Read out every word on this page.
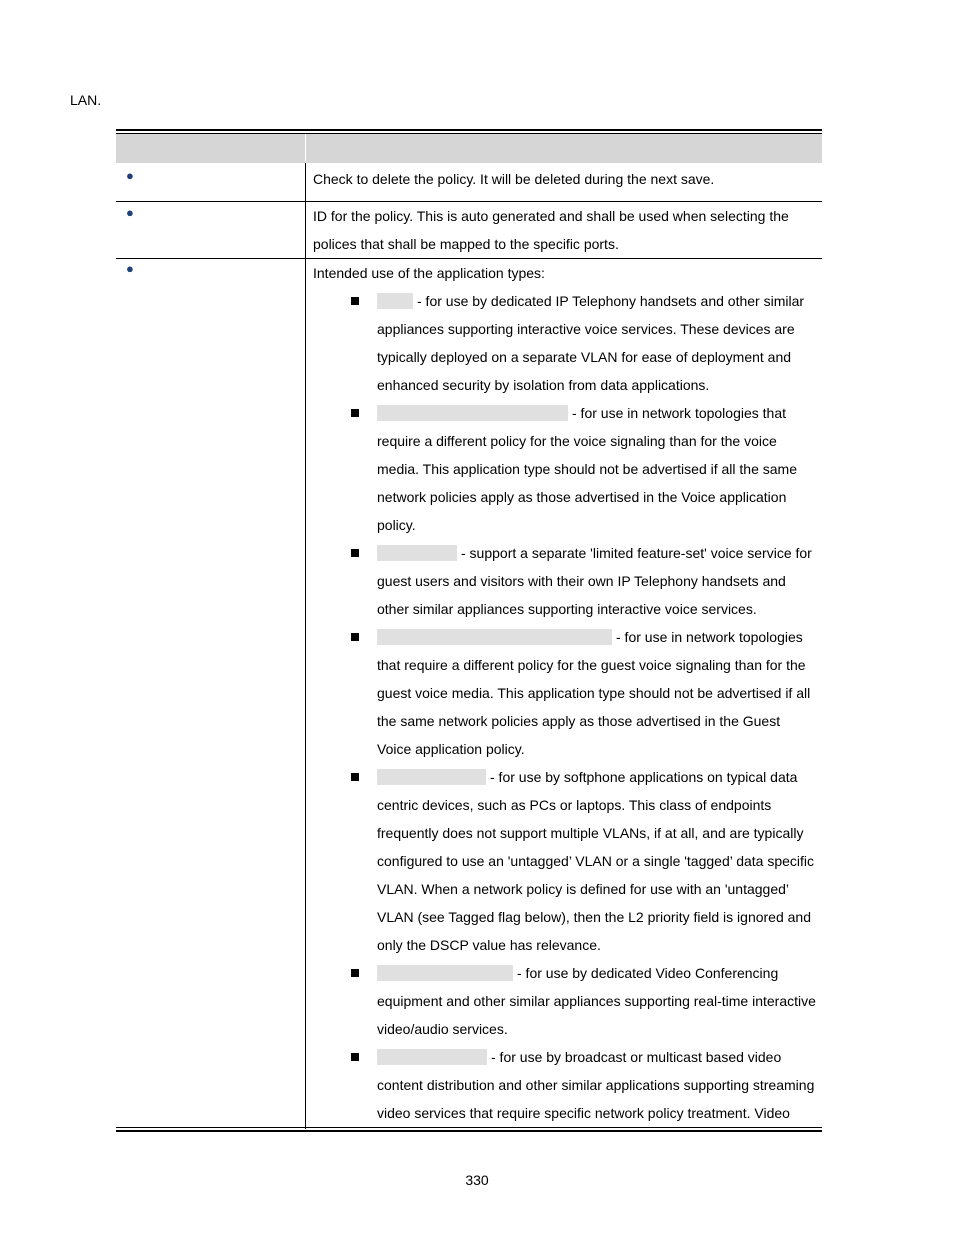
LAN.
●	Check to delete the policy. It will be deleted during the next save.
●	ID for the policy. This is auto generated and shall be used when selecting the polices that shall be mapped to the specific ports.
●	Intended use of the application types:
- for use by dedicated IP Telephony handsets and other similar appliances supporting interactive voice services. These devices are typically deployed on a separate VLAN for ease of deployment and enhanced security by isolation from data applications.
- for use in network topologies that require a different policy for the voice signaling than for the voice media. This application type should not be advertised if all the same network policies apply as those advertised in the Voice application policy.
- support a separate 'limited feature-set' voice service for guest users and visitors with their own IP Telephony handsets and other similar appliances supporting interactive voice services.
- for use in network topologies that require a different policy for the guest voice signaling than for the guest voice media. This application type should not be advertised if all the same network policies apply as those advertised in the Guest Voice application policy.
- for use by softphone applications on typical data centric devices, such as PCs or laptops. This class of endpoints frequently does not support multiple VLANs, if at all, and are typically configured to use an 'untagged’ VLAN or a single 'tagged’ data specific VLAN. When a network policy is defined for use with an 'untagged’ VLAN (see Tagged flag below), then the L2 priority field is ignored and only the DSCP value has relevance.
- for use by dedicated Video Conferencing equipment and other similar appliances supporting real-time interactive video/audio services.
- for use by broadcast or multicast based video content distribution and other similar applications supporting streaming video services that require specific network policy treatment. Video
330
